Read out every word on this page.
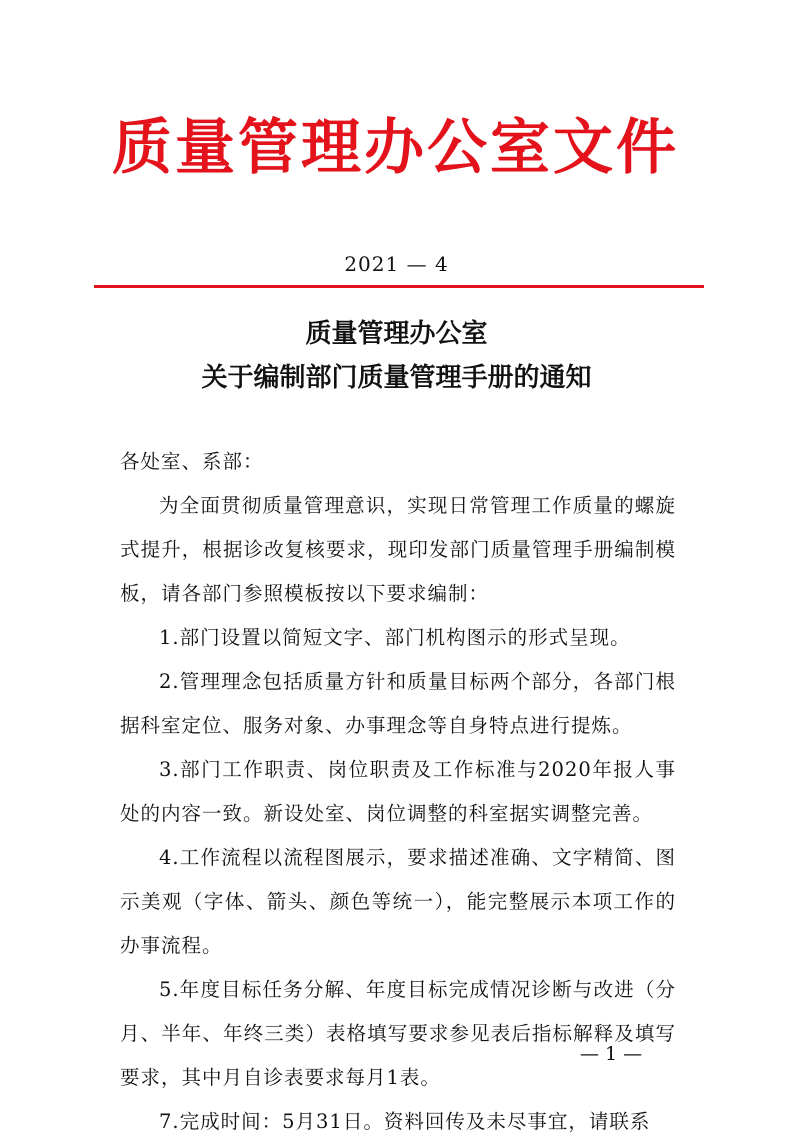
质量管理办公室文件
2021 — 4
质量管理办公室
关于编制部门质量管理手册的通知

各处室、系部：

为全面贯彻质量管理意识，实现日常管理工作质量的螺旋式提升，根据诊改复核要求，现印发部门质量管理手册编制模板，请各部门参照模板按以下要求编制：

1.部门设置以简短文字、部门机构图示的形式呈现。

2.管理理念包括质量方针和质量目标两个部分，各部门根据科室定位、服务对象、办事理念等自身特点进行提炼。

3.部门工作职责、岗位职责及工作标准与2020年报人事处的内容一致。新设处室、岗位调整的科室据实调整完善。

4.工作流程以流程图展示，要求描述准确、文字精简、图示美观（字体、箭头、颜色等统一），能完整展示本项工作的办事流程。

5.年度目标任务分解、年度目标完成情况诊断与改进（分月、半年、年终三类）表格填写要求参见表后指标解释及填写要求，其中月自诊表要求每月1表。

7.完成时间：5月31日。资料回传及未尽事宜，请联系

— 1 —
